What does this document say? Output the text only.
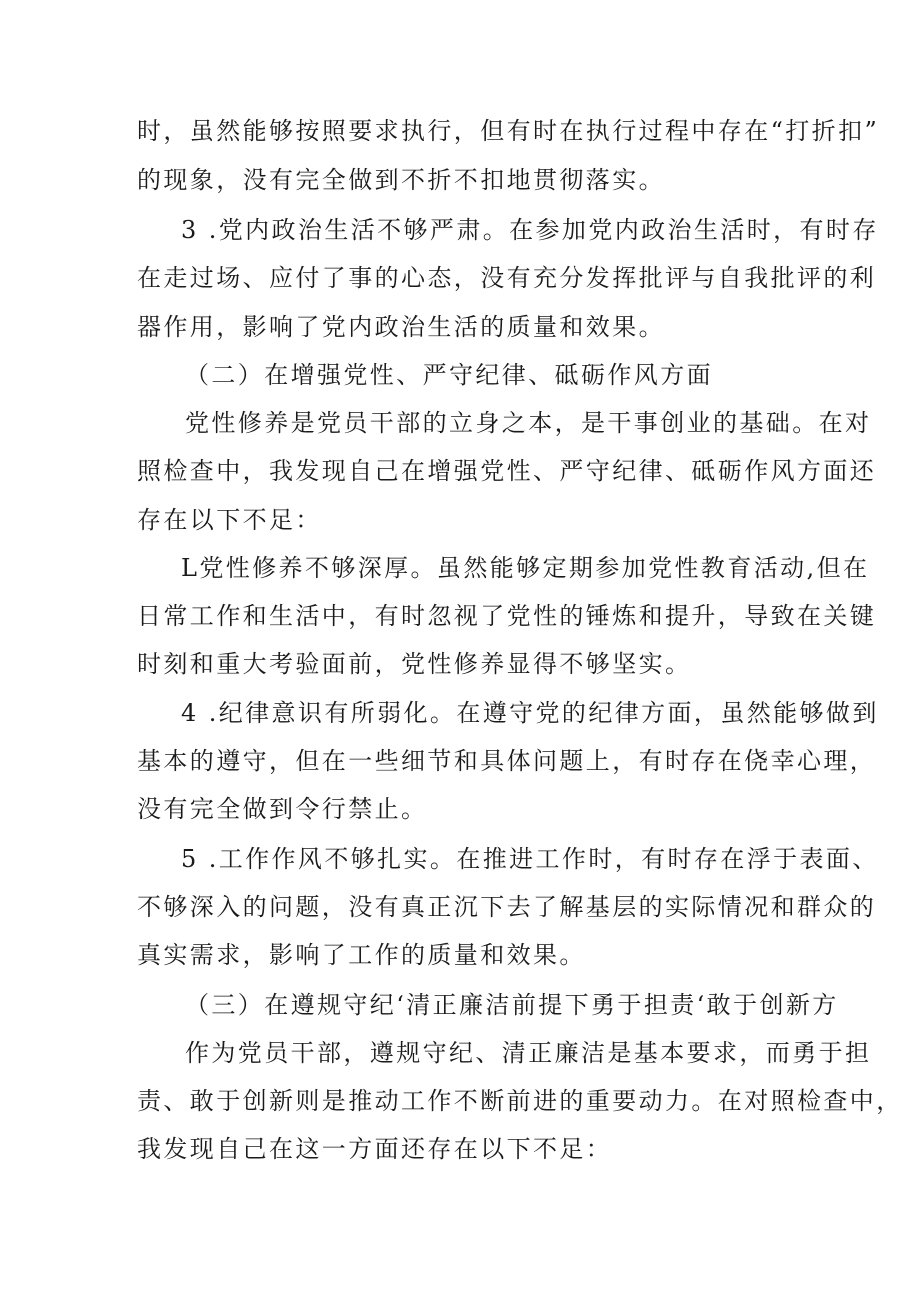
时，虽然能够按照要求执行，但有时在执行过程中存在“打折扣”
的现象，没有完全做到不折不扣地贯彻落实。
3 .党内政治生活不够严肃。在参加党内政治生活时，有时存
在走过场、应付了事的心态，没有充分发挥批评与自我批评的利
器作用，影响了党内政治生活的质量和效果。
（二）在增强党性、严守纪律、砥砺作风方面
党性修养是党员干部的立身之本，是干事创业的基础。在对
照检查中，我发现自己在增强党性、严守纪律、砥砺作风方面还
存在以下不足：
L党性修养不够深厚。虽然能够定期参加党性教育活动,但在
日常工作和生活中，有时忽视了党性的锤炼和提升，导致在关键
时刻和重大考验面前，党性修养显得不够坚实。
4 .纪律意识有所弱化。在遵守党的纪律方面，虽然能够做到
基本的遵守，但在一些细节和具体问题上，有时存在侥幸心理，
没有完全做到令行禁止。
5 .工作作风不够扎实。在推进工作时，有时存在浮于表面、
不够深入的问题，没有真正沉下去了解基层的实际情况和群众的
真实需求，影响了工作的质量和效果。
（三）在遵规守纪‘清正廉洁前提下勇于担责‘敢于创新方
作为党员干部，遵规守纪、清正廉洁是基本要求，而勇于担
责、敢于创新则是推动工作不断前进的重要动力。在对照检查中，
我发现自己在这一方面还存在以下不足：
